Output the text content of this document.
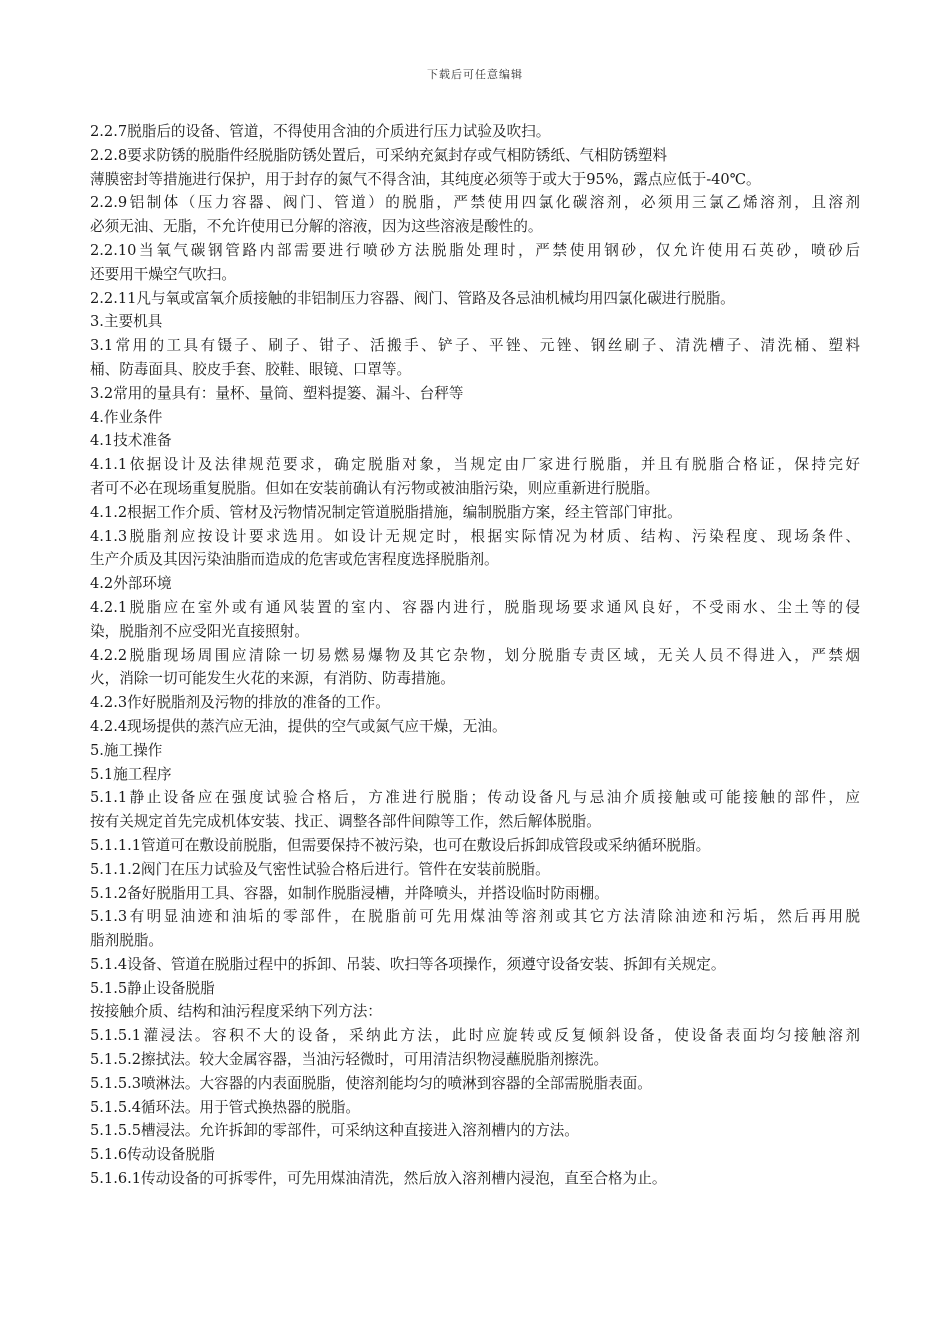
下载后可任意编辑
2.2.7脱脂后的设备、管道，不得使用含油的介质进行压力试验及吹扫。
2.2.8要求防锈的脱脂件经脱脂防锈处置后，可采纳充氮封存或气相防锈纸、气相防锈塑料
薄膜密封等措施进行保护，用于封存的氮气不得含油，其纯度必须等于或大于95%，露点应低于-40℃。
2.2.9铝制体（压力容器、阀门、管道）的脱脂，严禁使用四氯化碳溶剂，必须用三氯乙烯溶剂，且溶剂
必须无油、无脂，不允许使用已分解的溶液，因为这些溶液是酸性的。
2.2.10当氧气碳钢管路内部需要进行喷砂方法脱脂处理时，严禁使用钢砂，仅允许使用石英砂，喷砂后
还要用干燥空气吹扫。
2.2.11凡与氧或富氧介质接触的非铝制压力容器、阀门、管路及各忌油机械均用四氯化碳进行脱脂。
3.主要机具
3.1常用的工具有镊子、刷子、钳子、活搬手、铲子、平锉、元锉、钢丝刷子、清洗槽子、清洗桶、塑料
桶、防毒面具、胶皮手套、胶鞋、眼镜、口罩等。
3.2常用的量具有：量杯、量筒、塑料提篓、漏斗、台秤等
4.作业条件
4.1技术准备
4.1.1依据设计及法律规范要求，确定脱脂对象，当规定由厂家进行脱脂，并且有脱脂合格证，保持完好
者可不必在现场重复脱脂。但如在安装前确认有污物或被油脂污染，则应重新进行脱脂。
4.1.2根据工作介质、管材及污物情况制定管道脱脂措施，编制脱脂方案，经主管部门审批。
4.1.3脱脂剂应按设计要求选用。如设计无规定时，根据实际情况为材质、结构、污染程度、现场条件、
生产介质及其因污染油脂而造成的危害或危害程度选择脱脂剂。
4.2外部环境
4.2.1脱脂应在室外或有通风装置的室内、容器内进行，脱脂现场要求通风良好，不受雨水、尘土等的侵
染，脱脂剂不应受阳光直接照射。
4.2.2脱脂现场周围应清除一切易燃易爆物及其它杂物，划分脱脂专责区域，无关人员不得进入，严禁烟
火，消除一切可能发生火花的来源，有消防、防毒措施。
4.2.3作好脱脂剂及污物的排放的准备的工作。
4.2.4现场提供的蒸汽应无油，提供的空气或氮气应干燥，无油。
5.施工操作
5.1施工程序
5.1.1静止设备应在强度试验合格后，方准进行脱脂；传动设备凡与忌油介质接触或可能接触的部件，应
按有关规定首先完成机体安装、找正、调整各部件间隙等工作，然后解体脱脂。
5.1.1.1管道可在敷设前脱脂，但需要保持不被污染，也可在敷设后拆卸成管段或采纳循环脱脂。
5.1.1.2阀门在压力试验及气密性试验合格后进行。管件在安装前脱脂。
5.1.2备好脱脂用工具、容器，如制作脱脂浸槽，并降喷头，并搭设临时防雨棚。
5.1.3有明显油迹和油垢的零部件，在脱脂前可先用煤油等溶剂或其它方法清除油迹和污垢，然后再用脱
脂剂脱脂。
5.1.4设备、管道在脱脂过程中的拆卸、吊装、吹扫等各项操作，须遵守设备安装、拆卸有关规定。
5.1.5静止设备脱脂
按接触介质、结构和油污程度采纳下列方法：
5.1.5.1灌浸法。容积不大的设备，采纳此方法，此时应旋转或反复倾斜设备，使设备表面均匀接触溶剂
5.1.5.2擦拭法。较大金属容器，当油污轻微时，可用清洁织物浸蘸脱脂剂擦洗。
5.1.5.3喷淋法。大容器的内表面脱脂，使溶剂能均匀的喷淋到容器的全部需脱脂表面。
5.1.5.4循环法。用于管式换热器的脱脂。
5.1.5.5槽浸法。允许拆卸的零部件，可采纳这种直接进入溶剂槽内的方法。
5.1.6传动设备脱脂
5.1.6.1传动设备的可拆零件，可先用煤油清洗，然后放入溶剂槽内浸泡，直至合格为止。
